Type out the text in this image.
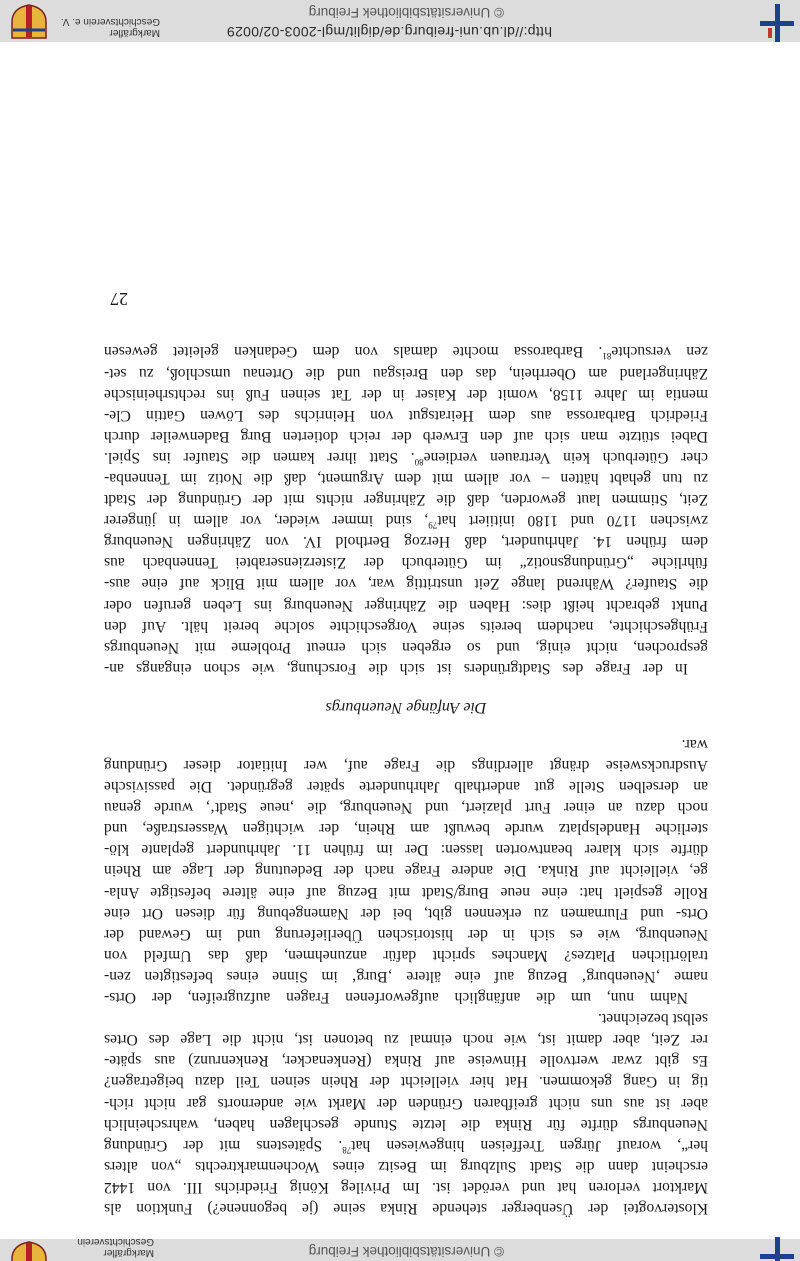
© Universitätsbibliothek Freiburg
Markgräfler
Geschichtsverein
Klostervogtei der Üsenberger stehende Rinka seine (je begonnene?) Funktion als
Marktort verloren hat und verödet ist. Im Privileg König Friedrichs III. von 1442
erscheint dann die Stadt Sulzburg im Besitz eines Wochenmarktrechts „von alters
her“, worauf Jürgen Treffeisen hingewiesen hat$^{78}$. Spätestens mit der Gründung
Neuenburgs dürfte für Rinka die letzte Stunde geschlagen haben, wahrscheinlich
aber ist aus uns nicht greifbaren Gründen der Markt wie andernorts gar nicht rich-
tig in Gang gekommen. Hat hier vielleicht der Rhein seinen Teil dazu beigetragen?
Es gibt zwar wertvolle Hinweise auf Rinka (Renkenacker, Renkenrunz) aus späte-
rer Zeit, aber damit ist, wie noch einmal zu betonen ist, nicht die Lage des Ortes
selbst bezeichnet.
Nahm nun, um die anfänglich aufgeworfenen Fragen aufzugreifen, der Orts-
name ‚Neuenburg‘ Bezug auf eine ältere ‚Burg‘ im Sinne eines befestigten zen-
tralörtlichen Platzes? Manches spricht dafür anzunehmen, daß das Umfeld von
Neuenburg, wie es sich in der historischen Überlieferung und im Gewand der
Orts- und Flurnamen zu erkennen gibt, bei der Namengebung für diesen Ort eine
Rolle gespielt hat: eine neue Burg/Stadt mit Bezug auf eine ältere befestigte Anla-
ge, vielleicht auf Rinka. Die andere Frage nach der Bedeutung der Lage am Rhein
dürfte sich klarer beantworten lassen: Der im frühen 11. Jahrhundert geplante klö-
sterliche Handelsplatz wurde bewußt am Rhein, der wichtigen Wasserstraße, und
noch dazu an einer Furt plaziert, und Neuenburg, die ‚neue Stadt‘, wurde genau
an derselben Stelle gut anderthalb Jahrhunderte später gegründet. Die passivische
Ausdrucksweise drängt allerdings die Frage auf, wer Initiator dieser Gründung
war.
Die Anfänge Neuenburgs
In der Frage des Stadtgründers ist sich die Forschung, wie schon eingangs an-
gesprochen, nicht einig, und so ergeben sich erneut Probleme mit Neuenburgs
Frühgeschichte, nachdem bereits seine Vorgeschichte solche bereit hält. Auf den
Punkt gebracht heißt dies: Haben die Zähringer Neuenburg ins Leben gerufen oder
die Staufer? Während lange Zeit unstrittig war, vor allem mit Blick auf eine aus-
führliche „Gründungsnotiz“ im Güterbuch der Zisterzienserabtei Tennenbach aus
dem frühen 14. Jahrhundert, daß Herzog Berthold IV. von Zähringen Neuenburg
zwischen 1170 und 1180 initiiert hat$^{79}$, sind immer wieder, vor allem in jüngerer
Zeit, Stimmen laut geworden, daß die Zähringer nichts mit der Gründung der Stadt
zu tun gehabt hätten – vor allem mit dem Argument, daß die Notiz im Tennenba-
cher Güterbuch kein Vertrauen verdiene$^{80}$. Statt ihrer kamen die Staufer ins Spiel.
Dabei stützte man sich auf den Erwerb der reich dotierten Burg Badenweiler durch
Friedrich Barbarossa aus dem Heiratsgut von Heinrichs des Löwen Gattin Cle-
mentia im Jahre 1158, womit der Kaiser in der Tat seinen Fuß ins rechtsrheinische
Zähringerland am Oberrhein, das den Breisgau und die Ortenau umschloß, zu set-
zen versuchte$^{81}$. Barbarossa mochte damals von dem Gedanken geleitet gewesen
27
http://dl.ub.uni-freiburg.de/diglit/mgl-2003-02/0029
© Universitätsbibliothek Freiburg
Markgräfler
Geschichtsverein e. V.
